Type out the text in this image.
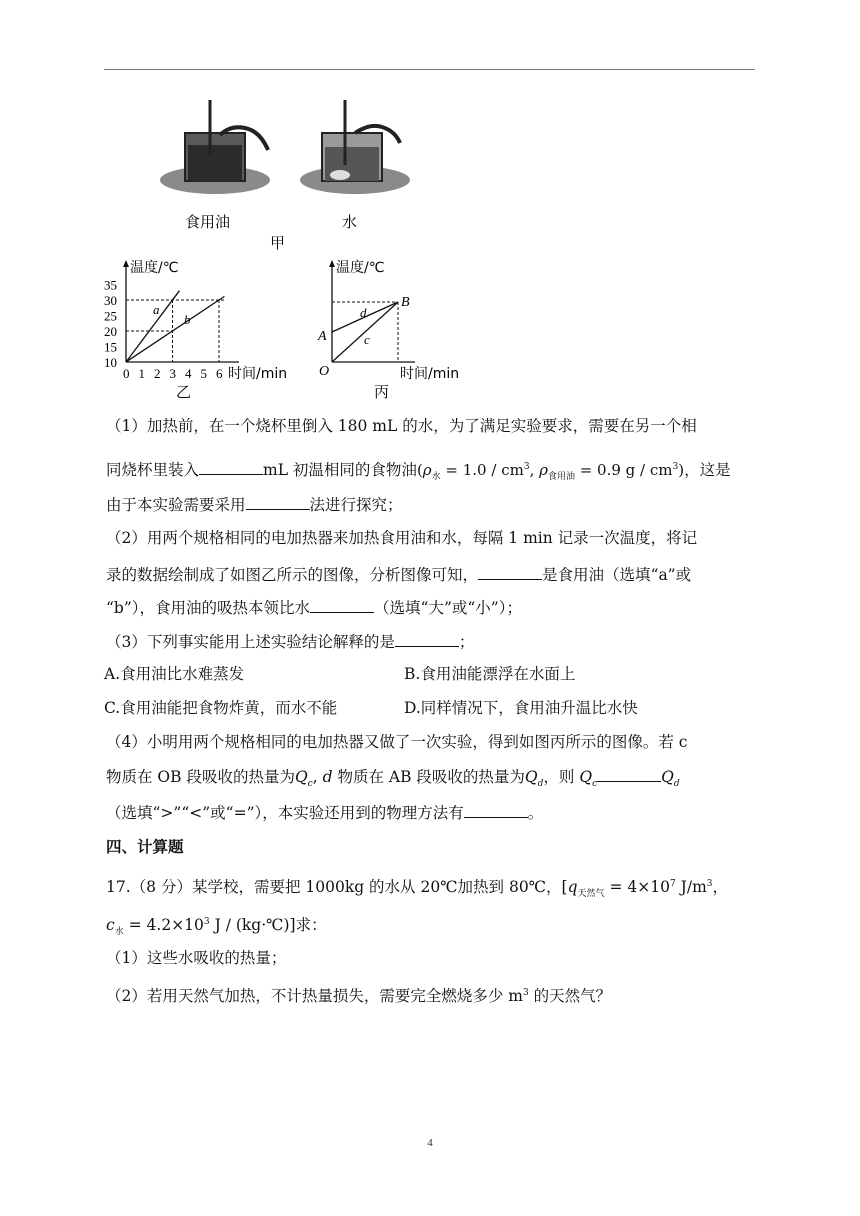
食用油	水
甲
温度/℃
时间/min
35
30
25
20
15
10
0 1 2 3 4 5 6
a
b
乙
温度/℃
时间/min
O
A
B
d
c
丙
（1）加热前，在一个烧杯里倒入 180 mL 的水，为了满足实验要求，需要在另一个相
同烧杯里装入	mL 初温相同的食物油($\rho_水 = 1.0 / cm^3$, $\rho_{食用油} = 0.9$ g / $cm^3$)，这是
由于本实验需要采用	法进行探究；
（2）用两个规格相同的电加热器来加热食用油和水，每隔 1 min 记录一次温度，将记
录的数据绘制成了如图乙所示的图像，分析图像可知，	是食用油（选填“a”或
“b”），食用油的吸热本领比水	（选填“大”或“小”）；
（3）下列事实能用上述实验结论解释的是	；
A.食用油比水难蒸发	B.食用油能漂浮在水面上
C.食用油能把食物炸黄，而水不能	D.同样情况下，食用油升温比水快
（4）小明用两个规格相同的电加热器又做了一次实验，得到如图丙所示的图像。若 c
物质在 OB 段吸收的热量为$Q_c$, d 物质在 AB 段吸收的热量为$Q_d$，则 $Q_c$	$Q_d$
（选填“>”“<”或“=”），本实验还用到的物理方法有	。
四、计算题
17.（8 分）某学校，需要把 1000kg 的水从 20℃加热到 80℃，[$q_{天然气} = 4\times 10^7$ $J/m^3$，
$c_水 = 4.2\times 10^3$ J / (kg·℃)]求：
（1）这些水吸收的热量；
（2）若用天然气加热，不计热量损失，需要完全燃烧多少 $m^3$ 的天然气？
4
